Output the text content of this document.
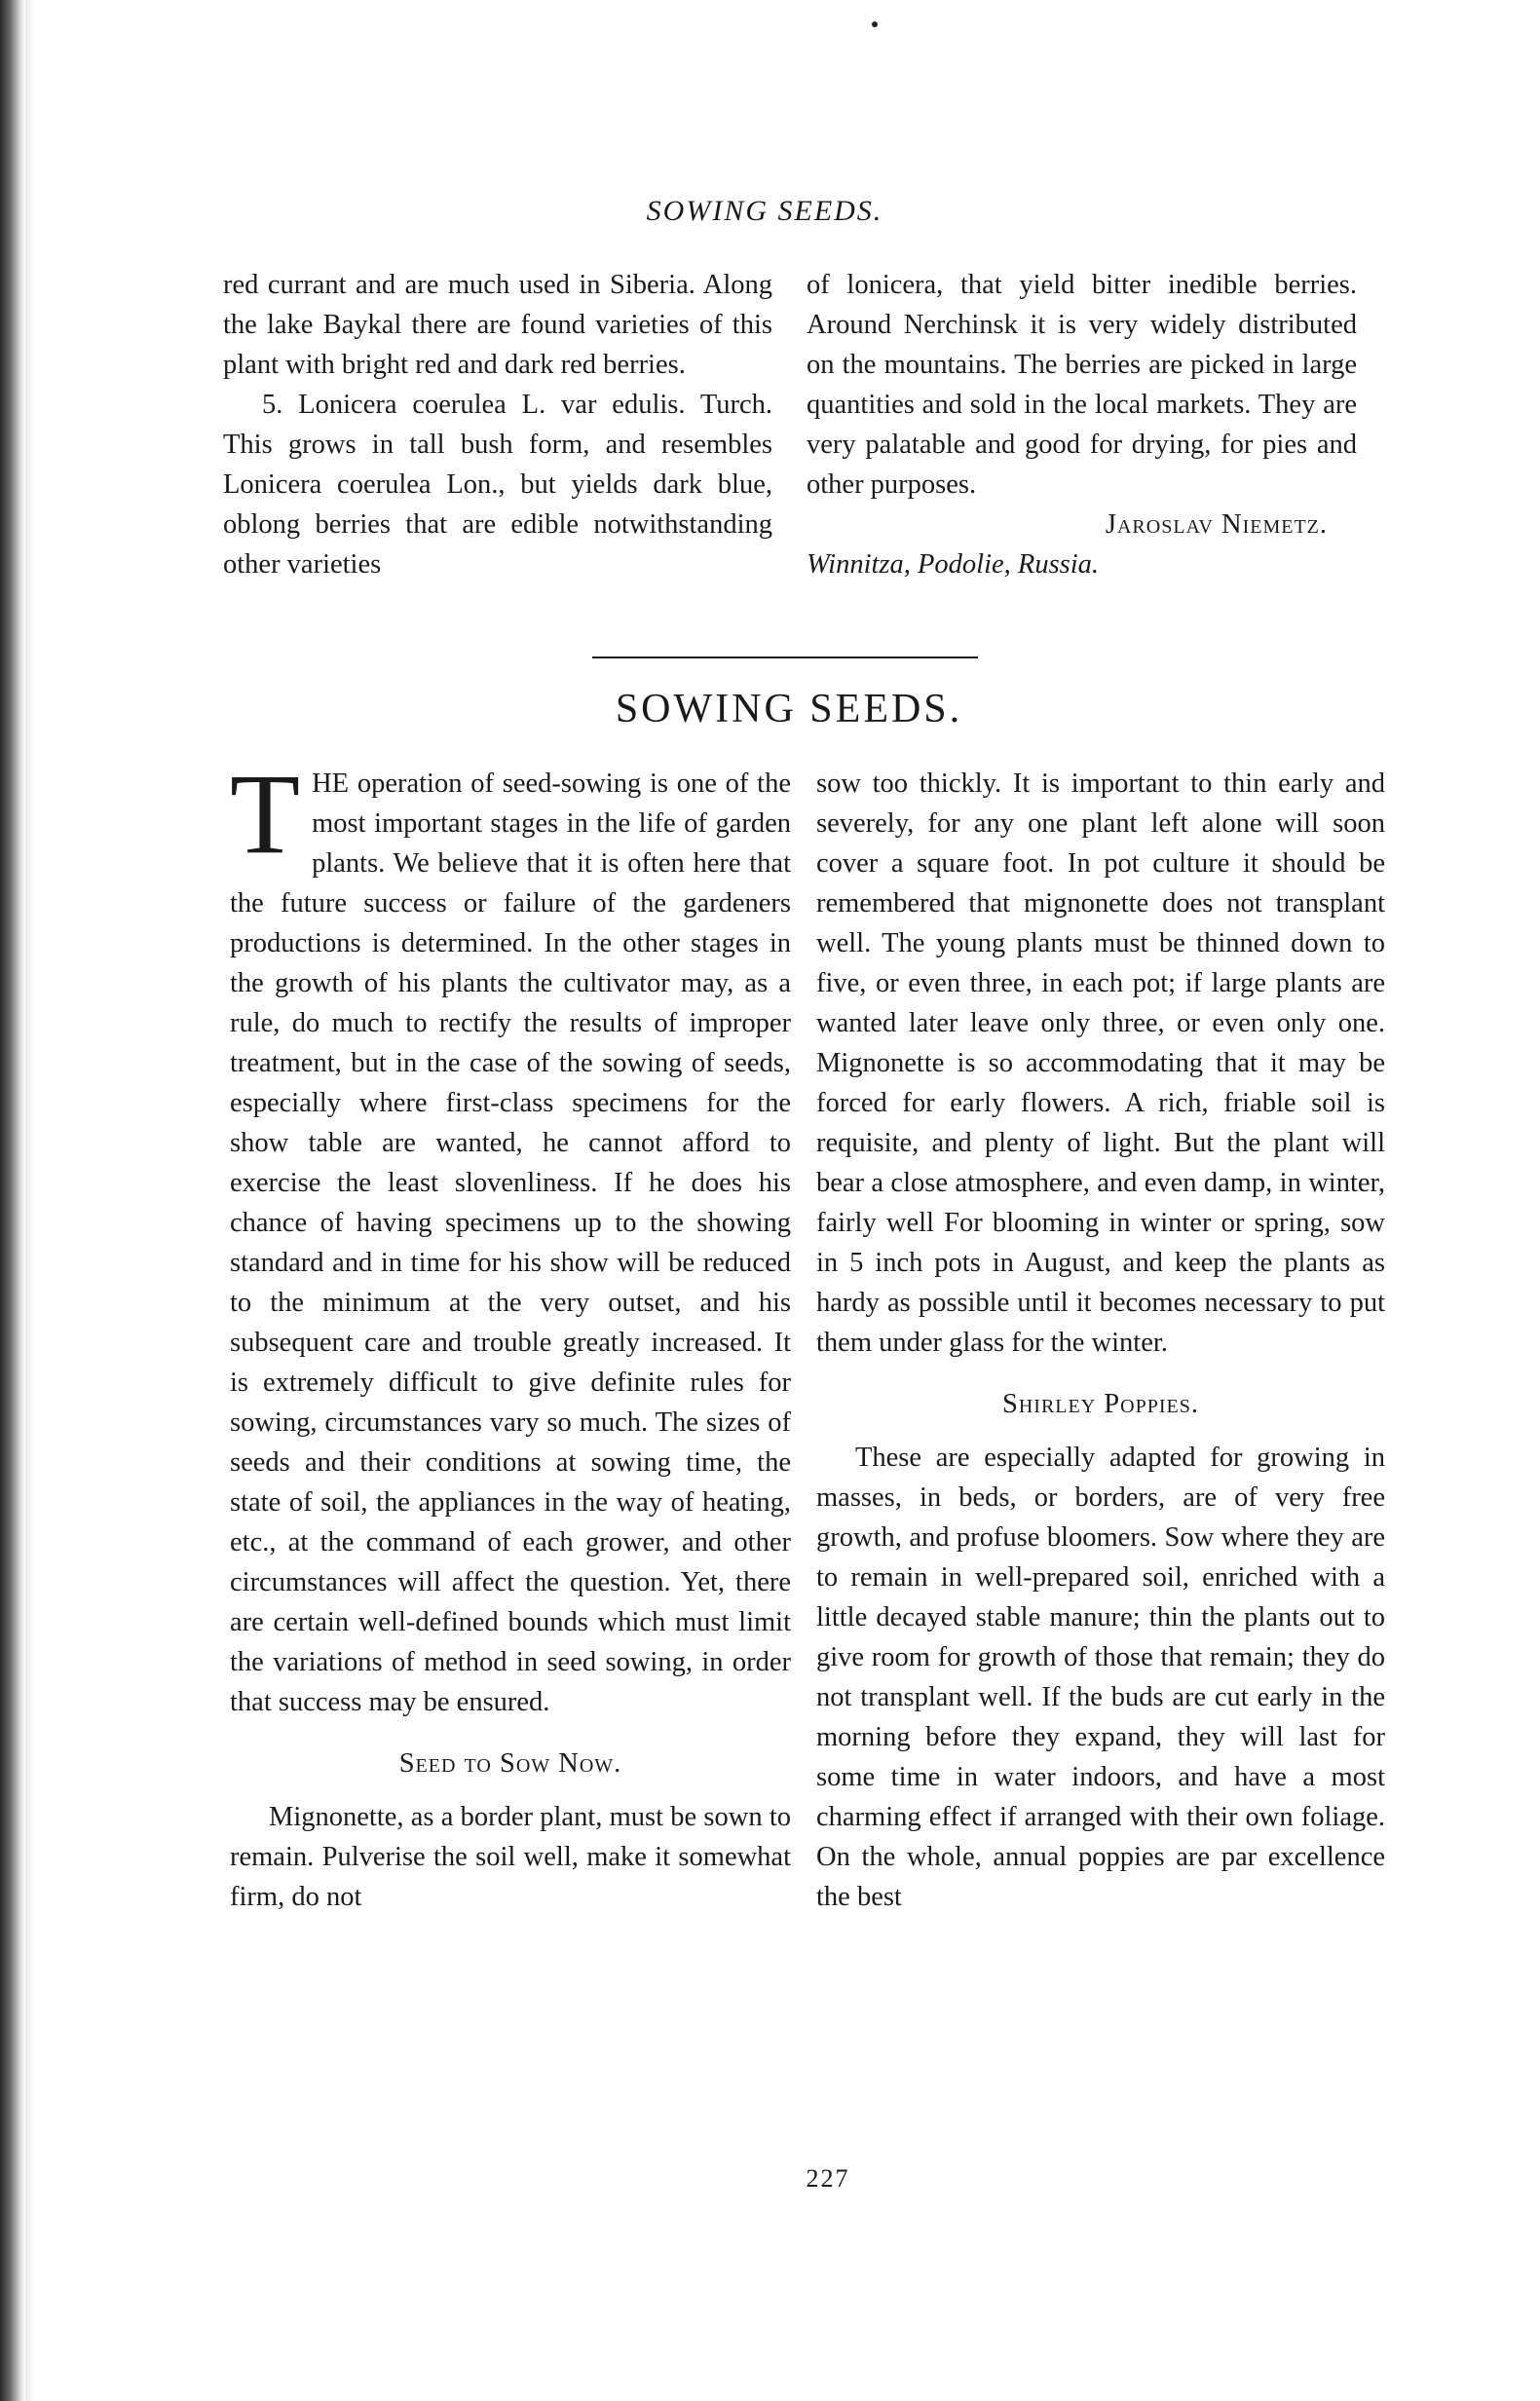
SOWING SEEDS.

red currant and are much used in Siberia. Along the lake Baykal there are found varieties of this plant with bright red and dark red berries.

5. Lonicera coerulea L. var edulis. Turch. This grows in tall bush form, and resembles Lonicera coerulea Lon., but yields dark blue, oblong berries that are edible notwithstanding other varieties

of lonicera, that yield bitter inedible berries. Around Nerchinsk it is very widely distributed on the mountains. The berries are picked in large quantities and sold in the local markets. They are very palatable and good for drying, for pies and other purposes.

Jaroslav Niemetz.

Winnitza, Podolie, Russia.

SOWING SEEDS.

THE operation of seed-sowing is one of the most important stages in the life of garden plants. We believe that it is often here that the future success or failure of the gardeners productions is determined. In the other stages in the growth of his plants the cultivator may, as a rule, do much to rectify the results of improper treatment, but in the case of the sowing of seeds, especially where first-class specimens for the show table are wanted, he cannot afford to exercise the least slovenliness. If he does his chance of having specimens up to the showing standard and in time for his show will be reduced to the minimum at the very outset, and his subsequent care and trouble greatly increased. It is extremely difficult to give definite rules for sowing, circumstances vary so much. The sizes of seeds and their conditions at sowing time, the state of soil, the appliances in the way of heating, etc., at the command of each grower, and other circumstances will affect the question. Yet, there are certain well-defined bounds which must limit the variations of method in seed sowing, in order that success may be ensured.

Seed to Sow Now.

Mignonette, as a border plant, must be sown to remain. Pulverise the soil well, make it somewhat firm, do not

sow too thickly. It is important to thin early and severely, for any one plant left alone will soon cover a square foot. In pot culture it should be remembered that mignonette does not transplant well. The young plants must be thinned down to five, or even three, in each pot; if large plants are wanted later leave only three, or even only one. Mignonette is so accommodating that it may be forced for early flowers. A rich, friable soil is requisite, and plenty of light. But the plant will bear a close atmosphere, and even damp, in winter, fairly well For blooming in winter or spring, sow in 5 inch pots in August, and keep the plants as hardy as possible until it becomes necessary to put them under glass for the winter.

Shirley Poppies.

These are especially adapted for growing in masses, in beds, or borders, are of very free growth, and profuse bloomers. Sow where they are to remain in well-prepared soil, enriched with a little decayed stable manure; thin the plants out to give room for growth of those that remain; they do not transplant well. If the buds are cut early in the morning before they expand, they will last for some time in water indoors, and have a most charming effect if arranged with their own foliage. On the whole, annual poppies are par excellence the best

227
